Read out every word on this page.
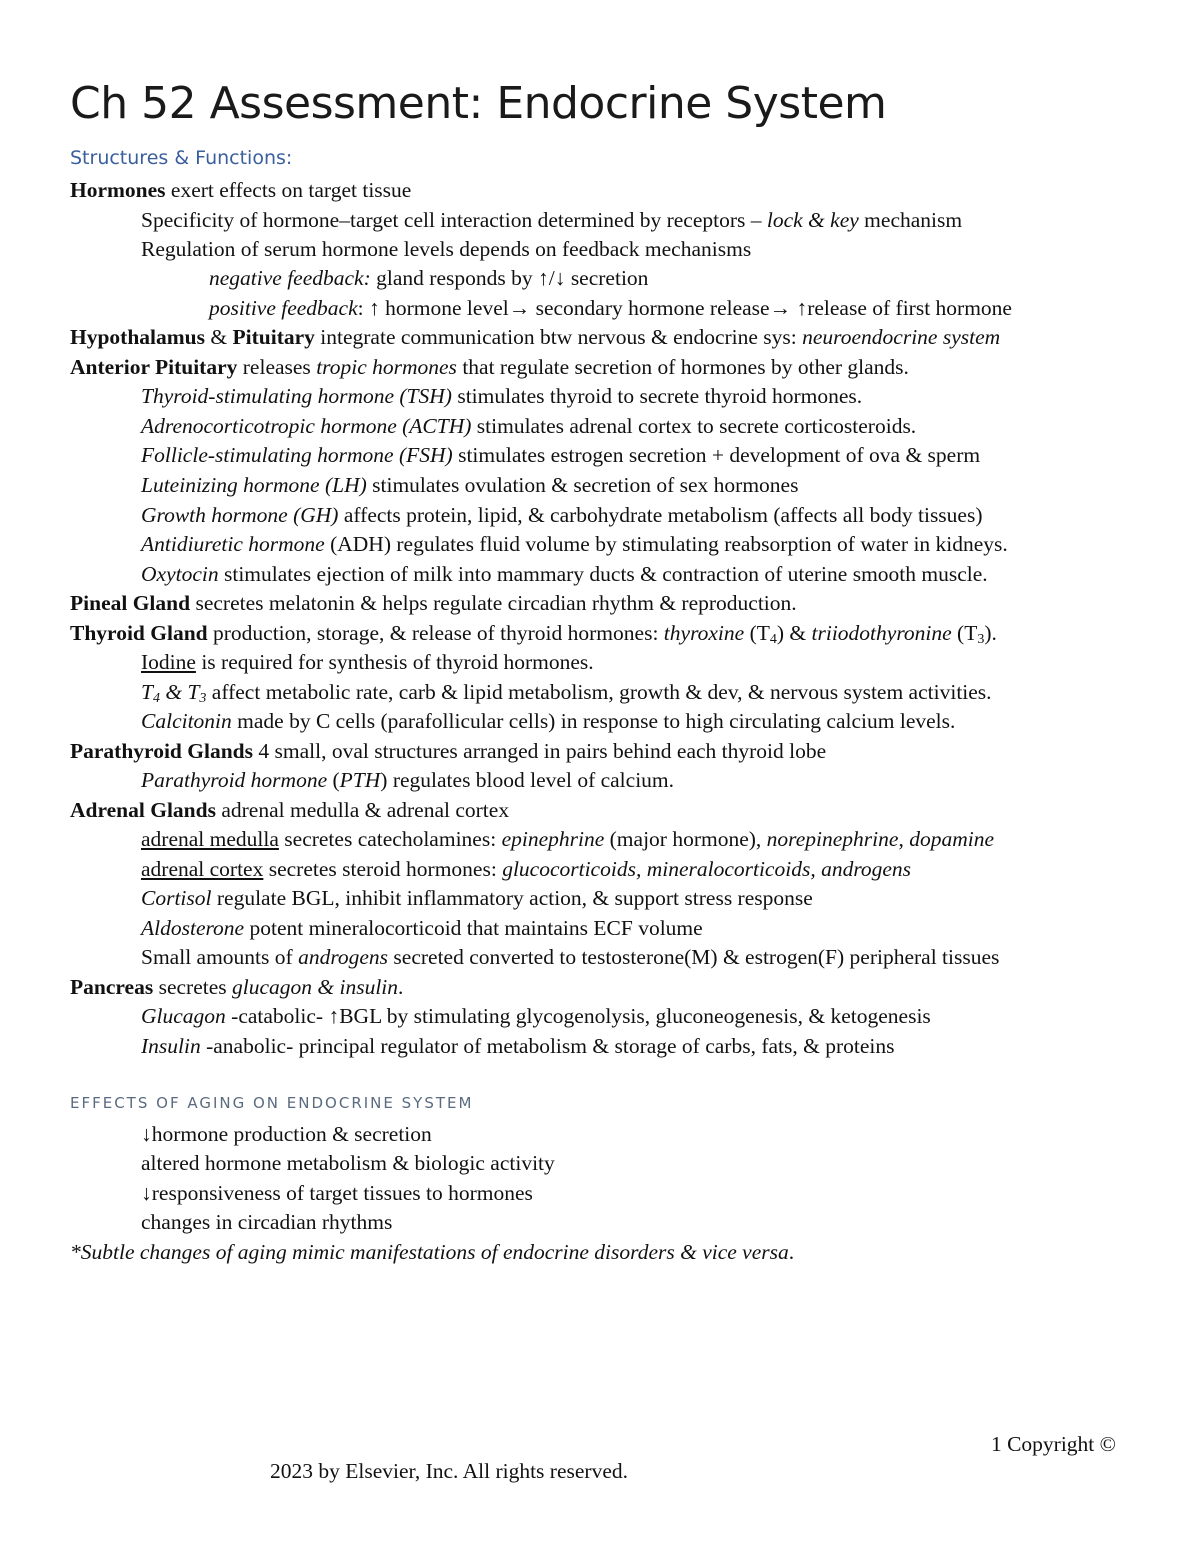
Ch 52 Assessment: Endocrine System
Structures & Functions:
Hormones exert effects on target tissue
Specificity of hormone–target cell interaction determined by receptors – lock & key mechanism
Regulation of serum hormone levels depends on feedback mechanisms
negative feedback: gland responds by ↑/↓ secretion
positive feedback: ↑ hormone level→ secondary hormone release→ ↑release of first hormone
Hypothalamus & Pituitary integrate communication btw nervous & endocrine sys: neuroendocrine system
Anterior Pituitary releases tropic hormones that regulate secretion of hormones by other glands.
Thyroid-stimulating hormone (TSH) stimulates thyroid to secrete thyroid hormones.
Adrenocorticotropic hormone (ACTH) stimulates adrenal cortex to secrete corticosteroids.
Follicle-stimulating hormone (FSH) stimulates estrogen secretion + development of ova & sperm
Luteinizing hormone (LH) stimulates ovulation & secretion of sex hormones
Growth hormone (GH) affects protein, lipid, & carbohydrate metabolism (affects all body tissues)
Antidiuretic hormone (ADH) regulates fluid volume by stimulating reabsorption of water in kidneys.
Oxytocin stimulates ejection of milk into mammary ducts & contraction of uterine smooth muscle.
Pineal Gland secretes melatonin & helps regulate circadian rhythm & reproduction.
Thyroid Gland production, storage, & release of thyroid hormones: thyroxine $(T_4)$ & triiodothyronine $(T_3)$.
Iodine is required for synthesis of thyroid hormones.
$T_4$ & $T_3$ affect metabolic rate, carb & lipid metabolism, growth & dev, & nervous system activities.
Calcitonin made by C cells (parafollicular cells) in response to high circulating calcium levels.
Parathyroid Glands 4 small, oval structures arranged in pairs behind each thyroid lobe
Parathyroid hormone (PTH) regulates blood level of calcium.
Adrenal Glands adrenal medulla & adrenal cortex
adrenal medulla secretes catecholamines: epinephrine (major hormone), norepinephrine, dopamine
adrenal cortex secretes steroid hormones: glucocorticoids, mineralocorticoids, androgens
Cortisol regulate BGL, inhibit inflammatory action, & support stress response
Aldosterone potent mineralocorticoid that maintains ECF volume
Small amounts of androgens secreted converted to testosterone(M) & estrogen(F) peripheral tissues
Pancreas secretes glucagon & insulin.
Glucagon -catabolic- ↑BGL by stimulating glycogenolysis, gluconeogenesis, & ketogenesis
Insulin -anabolic- principal regulator of metabolism & storage of carbs, fats, & proteins
EFFECTS OF AGING ON ENDOCRINE SYSTEM
↓hormone production & secretion
altered hormone metabolism & biologic activity
↓responsiveness of target tissues to hormones
changes in circadian rhythms
*Subtle changes of aging mimic manifestations of endocrine disorders & vice versa.
1 Copyright ©
2023 by Elsevier, Inc. All rights reserved.
